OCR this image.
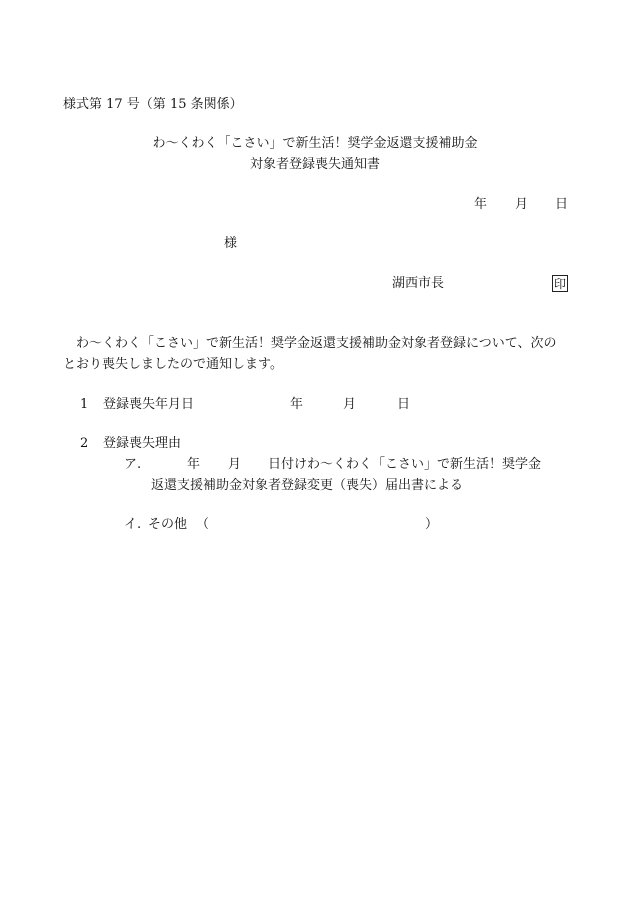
様式第 17 号（第 15 条関係）
わ～くわく「こさい」で新生活！奨学金返還支援補助金
対象者登録喪失通知書
年 月 日
様
湖西市長	印
わ～くわく「こさい」で新生活！奨学金返還支援補助金対象者登録について、次の
とおり喪失しましたので通知します。
1 登録喪失年月日	年	月	日
2 登録喪失理由
ア.	年 月 日付けわ～くわく「こさい」で新生活！奨学金
返還支援補助金対象者登録変更（喪失）届出書による
イ. その他 （	）
